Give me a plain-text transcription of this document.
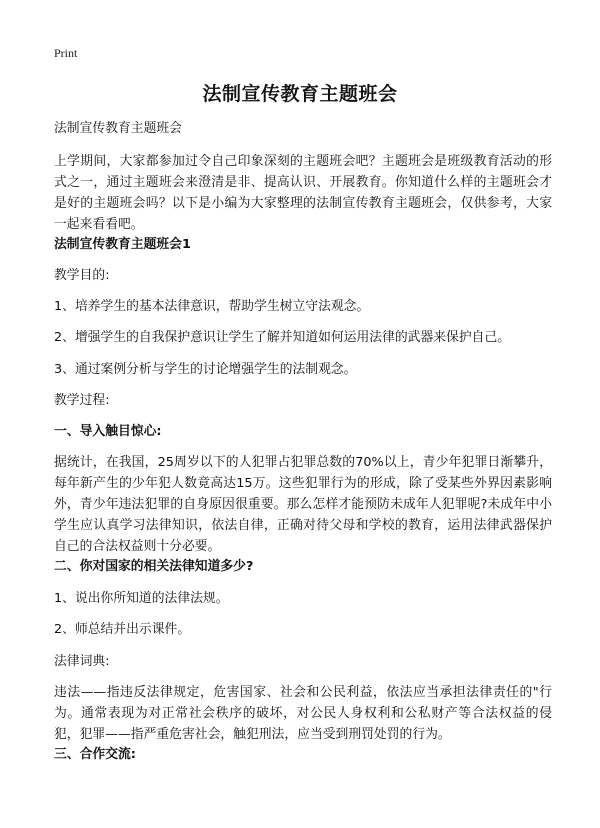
Print
法制宣传教育主题班会
法制宣传教育主题班会
上学期间，大家都参加过令自己印象深刻的主题班会吧？主题班会是班级教育活动的形式之一，通过主题班会来澄清是非、提高认识、开展教育。你知道什么样的主题班会才是好的主题班会吗？以下是小编为大家整理的法制宣传教育主题班会，仅供参考，大家一起来看看吧。
法制宣传教育主题班会1
教学目的:
1、培养学生的基本法律意识，帮助学生树立守法观念。
2、增强学生的自我保护意识让学生了解并知道如何运用法律的武器来保护自己。
3、通过案例分析与学生的讨论增强学生的法制观念。
教学过程:
一、导入触目惊心:
据统计，在我国，25周岁以下的人犯罪占犯罪总数的70%以上，青少年犯罪日渐攀升，每年新产生的少年犯人数竟高达15万。这些犯罪行为的形成，除了受某些外界因素影响外，青少年违法犯罪的自身原因很重要。那么怎样才能预防未成年人犯罪呢?未成年中小学生应认真学习法律知识，依法自律，正确对待父母和学校的教育，运用法律武器保护自己的合法权益则十分必要。
二、你对国家的相关法律知道多少?
1、说出你所知道的法律法规。
2、师总结并出示课件。
法律词典:
违法——指违反法律规定，危害国家、社会和公民利益，依法应当承担法律责任的"行为。通常表现为对正常社会秩序的破坏，对公民人身权利和公私财产等合法权益的侵犯，犯罪——指严重危害社会，触犯刑法，应当受到刑罚处罚的行为。
三、合作交流:
